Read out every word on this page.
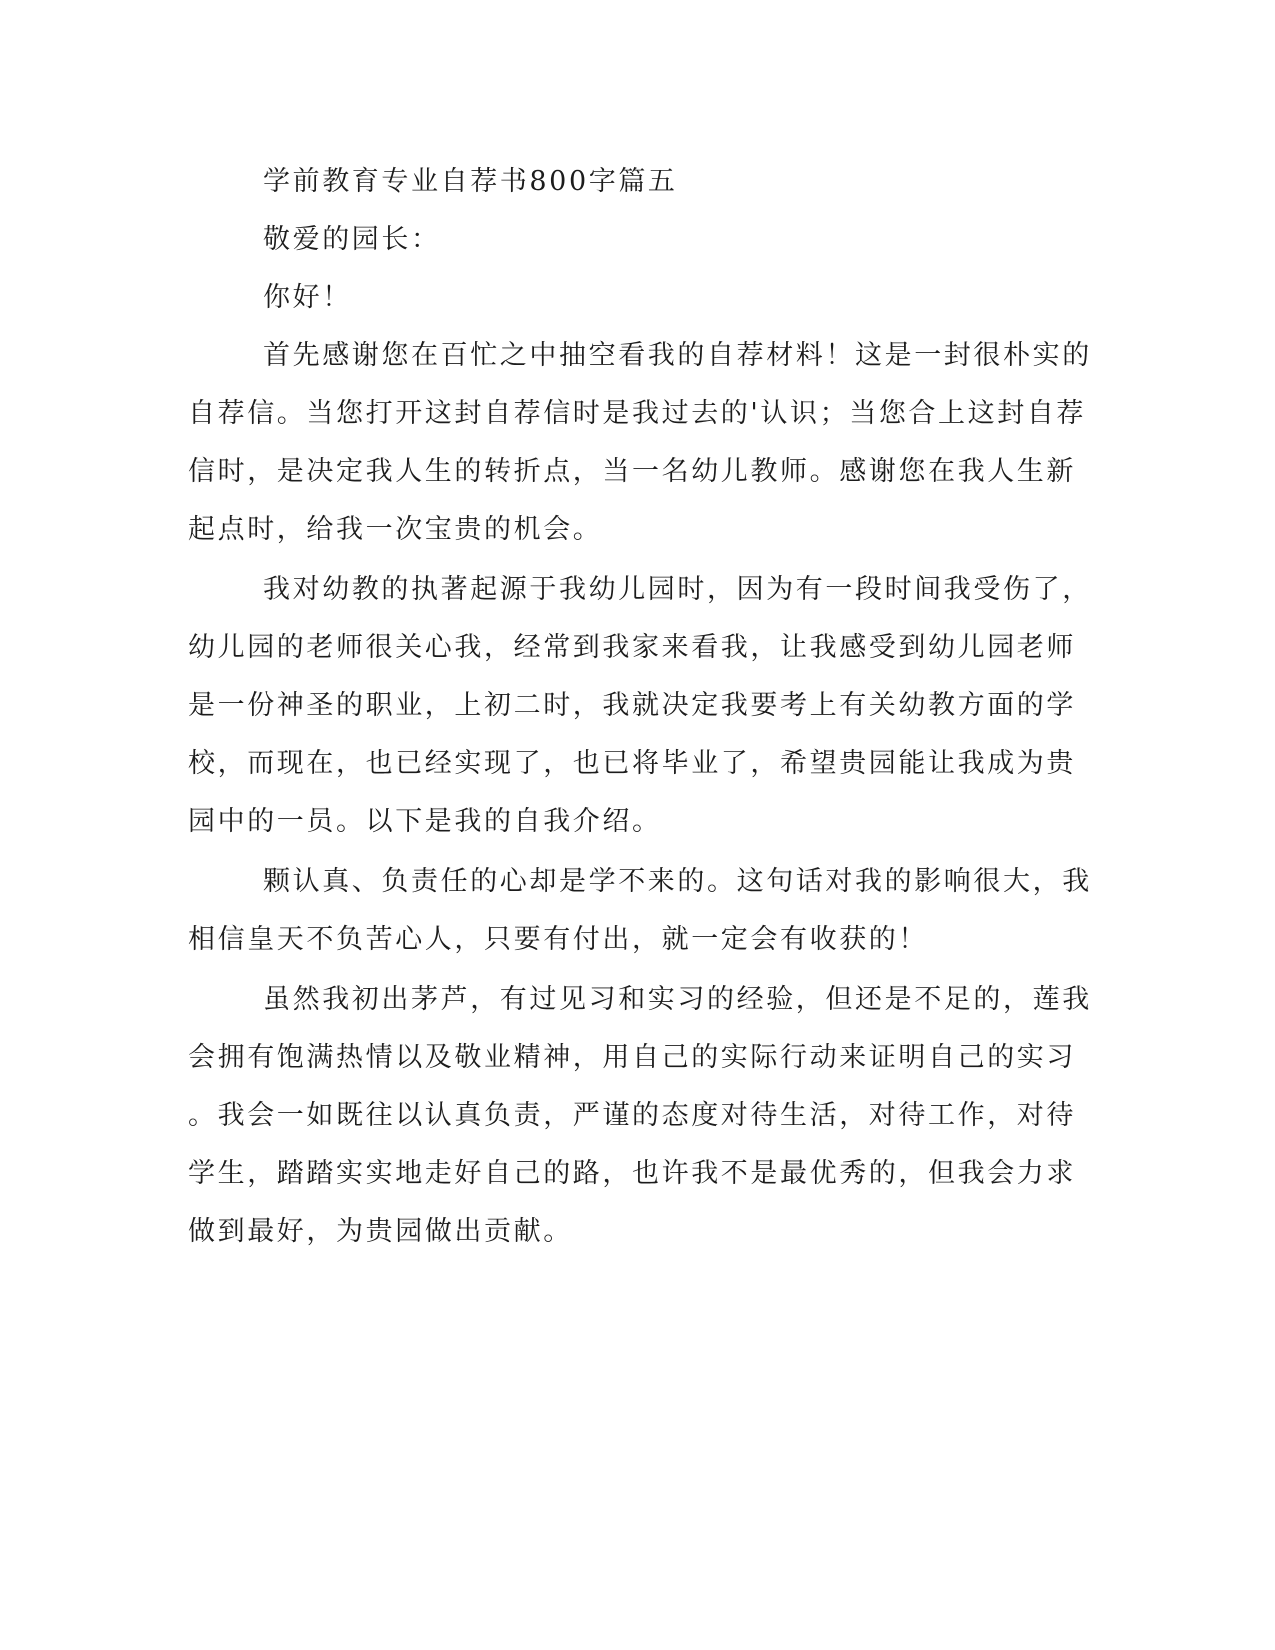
学前教育专业自荐书800字篇五
敬爱的园长：
你好！
首先感谢您在百忙之中抽空看我的自荐材料！这是一封很朴实的
自荐信。当您打开这封自荐信时是我过去的'认识；当您合上这封自荐
信时，是决定我人生的转折点，当一名幼儿教师。感谢您在我人生新
起点时，给我一次宝贵的机会。
我对幼教的执著起源于我幼儿园时，因为有一段时间我受伤了，
幼儿园的老师很关心我，经常到我家来看我，让我感受到幼儿园老师
是一份神圣的职业，上初二时，我就决定我要考上有关幼教方面的学
校，而现在，也已经实现了，也已将毕业了，希望贵园能让我成为贵
园中的一员。以下是我的自我介绍。
颗认真、负责任的心却是学不来的。这句话对我的影响很大，我
相信皇天不负苦心人，只要有付出，就一定会有收获的！
虽然我初出茅芦，有过见习和实习的经验，但还是不足的，莲我
会拥有饱满热情以及敬业精神，用自己的实际行动来证明自己的实习
。我会一如既往以认真负责，严谨的态度对待生活，对待工作，对待
学生，踏踏实实地走好自己的路，也许我不是最优秀的，但我会力求
做到最好，为贵园做出贡献。
